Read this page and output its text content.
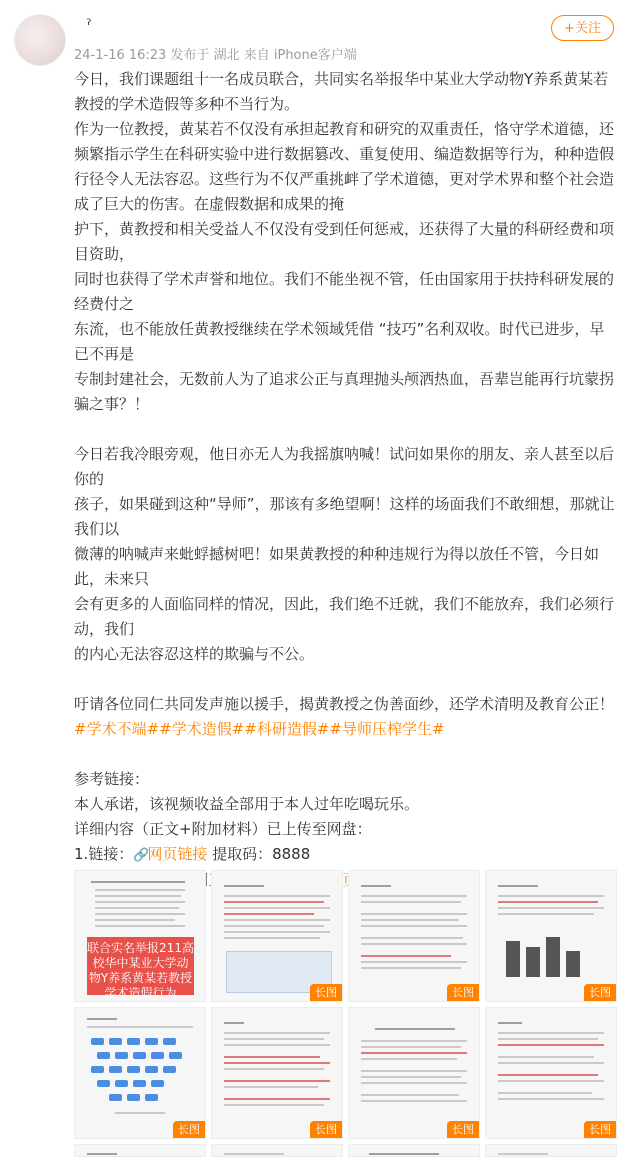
ˀ
24-1-16 16:23 发布于 湖北 来自 iPhone客户端
+关注

今日，我们课题组十一名成员联合，共同实名举报华中某业大学动物Y养系黄某若教授的学术造假等多种不当行为。

作为一位教授，黄某若不仅没有承担起教育和研究的双重责任，恪守学术道德，还频繁指示学生在科研实验中进行数据篡改、重复使用、编造数据等行为，种种造假行径令人无法容忍。这些行为不仅严重挑衅了学术道德，更对学术界和整个社会造成了巨大的伤害。在虚假数据和成果的掩

护下，黄教授和相关受益人不仅没有受到任何惩戒，还获得了大量的科研经费和项目资助，

同时也获得了学术声誉和地位。我们不能坐视不管，任由国家用于扶持科研发展的经费付之

东流，也不能放任黄教授继续在学术领域凭借 “技巧”名利双收。时代已进步，早已不再是

专制封建社会，无数前人为了追求公正与真理抛头颅洒热血，吾辈岂能再行坑蒙拐骗之事？！

今日若我冷眼旁观，他日亦无人为我摇旗呐喊！试问如果你的朋友、亲人甚至以后你的

孩子，如果碰到这种“导师”，那该有多绝望啊！这样的场面我们不敢细想，那就让我们以

微薄的呐喊声来蚍蜉撼树吧！如果黄教授的种种违规行为得以放任不管，今日如此，未来只

会有更多的人面临同样的情况，因此，我们绝不迁就，我们不能放弃，我们必须行动，我们

的内心无法容忍这样的欺骗与不公。

吁请各位同仁共同发声施以援手，揭黄教授之伪善面纱，还学术清明及教育公正！

#学术不端##学术造假##科研造假##导师压榨学生#

参考链接：

本人承诺，该视频收益全部用于本人过年吃喝玩乐。

详细内容（正文+附加材料）已上传至网盘：

1.链接：🔗网页链接 提取码：8888

联合实名举报211高校华中某业大学动物Y养系黄某若教授学术造假行为	长图	长图	长图
长图	长图	长图	长图
